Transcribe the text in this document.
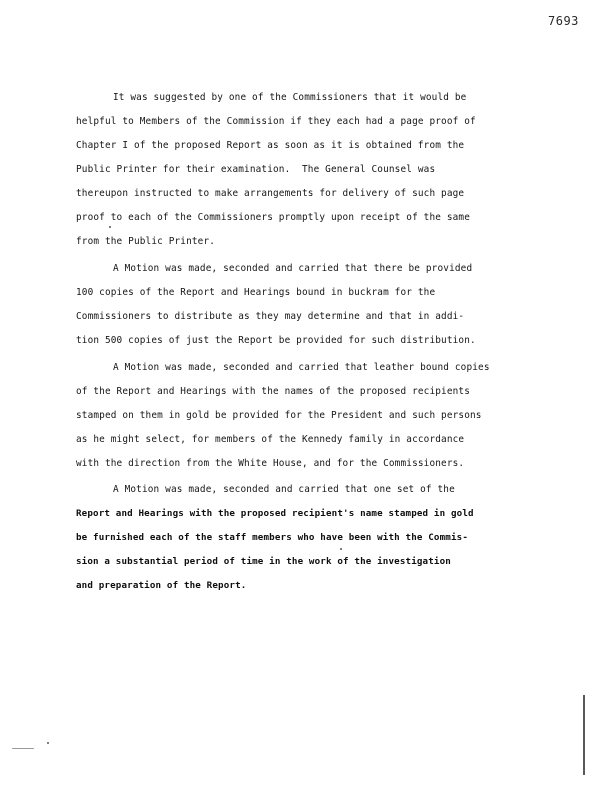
7693
It was suggested by one of the Commissioners that it would be
helpful to Members of the Commission if they each had a page proof of
Chapter I of the proposed Report as soon as it is obtained from the
Public Printer for their examination.  The General Counsel was
thereupon instructed to make arrangements for delivery of such page
proof to each of the Commissioners promptly upon receipt of the same
from the Public Printer.
A Motion was made, seconded and carried that there be provided
100 copies of the Report and Hearings bound in buckram for the
Commissioners to distribute as they may determine and that in addi-
tion 500 copies of just the Report be provided for such distribution.
A Motion was made, seconded and carried that leather bound copies
of the Report and Hearings with the names of the proposed recipients
stamped on them in gold be provided for the President and such persons
as he might select, for members of the Kennedy family in accordance
with the direction from the White House, and for the Commissioners.
A Motion was made, seconded and carried that one set of the
Report and Hearings with the proposed recipient's name stamped in gold
be furnished each of the staff members who have been with the Commis-
sion a substantial period of time in the work of the investigation
and preparation of the Report.
